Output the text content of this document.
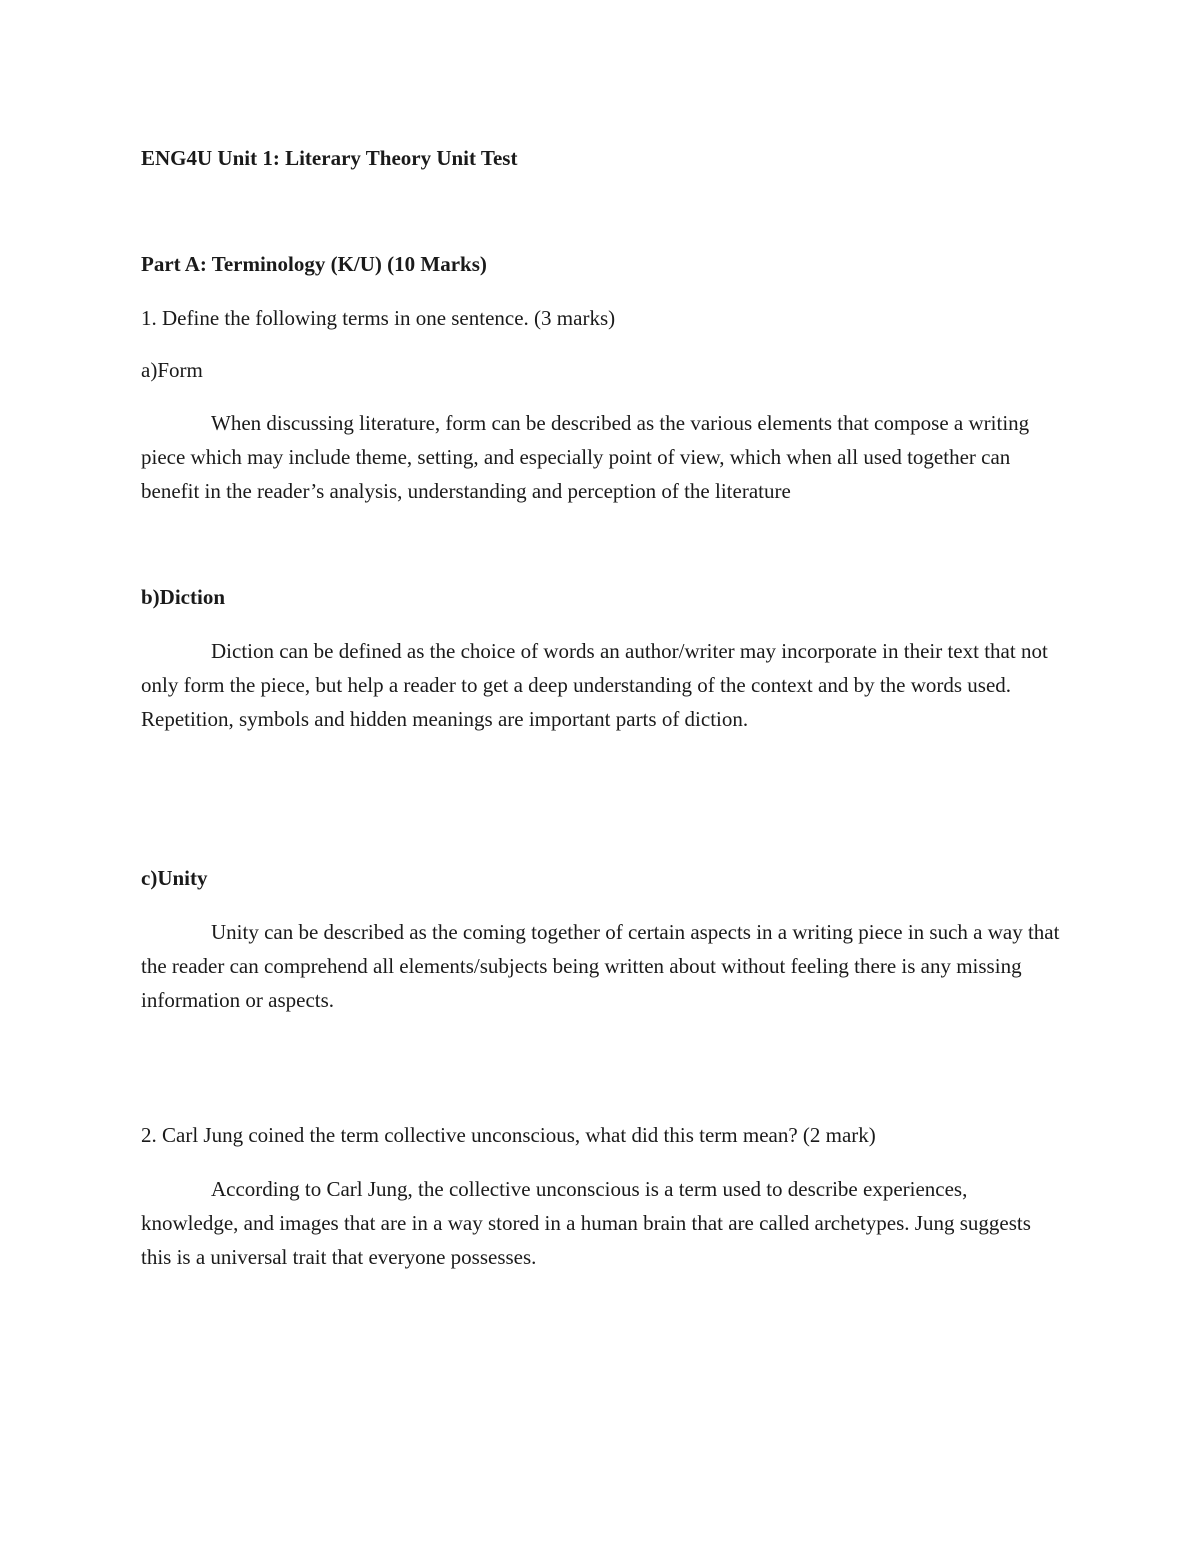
ENG4U Unit 1: Literary Theory Unit Test

Part A: Terminology (K/U) (10 Marks)

1. Define the following terms in one sentence. (3 marks)

a)Form

When discussing literature, form can be described as the various elements that compose a writing piece which may include theme, setting, and especially point of view, which when all used together can benefit in the reader’s analysis, understanding and perception of the literature

b)Diction

Diction can be defined as the choice of words an author/writer may incorporate in their text that not only form the piece, but help a reader to get a deep understanding of the context and by the words used. Repetition, symbols and hidden meanings are important parts of diction.

c)Unity

Unity can be described as the coming together of certain aspects in a writing piece in such a way that the reader can comprehend all elements/subjects being written about without feeling there is any missing information or aspects.

2. Carl Jung coined the term collective unconscious, what did this term mean? (2 mark)

According to Carl Jung, the collective unconscious is a term used to describe experiences, knowledge, and images that are in a way stored in a human brain that are called archetypes. Jung suggests this is a universal trait that everyone possesses.
